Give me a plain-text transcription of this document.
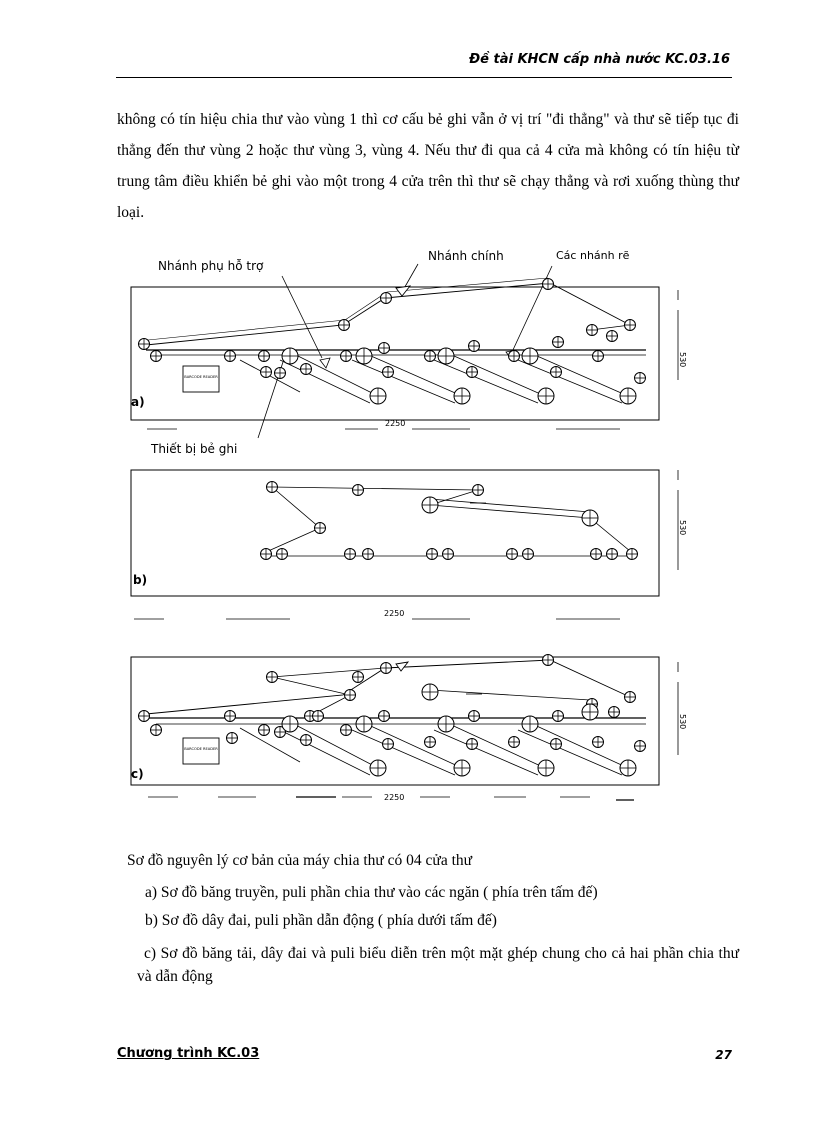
Đề tài KHCN cấp nhà nước KC.03.16

không có tín hiệu chia thư vào vùng 1 thì cơ cấu bẻ ghi vẫn ở vị trí "đi thẳng" và thư sẽ tiếp tục đi thẳng đến thư vùng 2 hoặc thư vùng 3, vùng 4. Nếu thư đi qua cả 4 cửa mà không có tín hiệu từ trung tâm điều khiển bẻ ghi vào một trong 4 cửa trên thì thư sẽ chạy thẳng và rơi xuống thùng thư loại.

Nhánh phụ hỗ trợ
Nhánh chính	Các nhánh rẽ
530
BARCODE READER
a)
2250
Thiết bị bẻ ghi
530
b)
2250
530
BARCODE READER
c)
2250
Sơ đồ nguyên lý cơ bản của máy chia thư có 04 cửa thư
a) Sơ đồ băng truyền, puli phần chia thư vào các ngăn ( phía trên tấm đế)
b) Sơ đồ dây đai, puli phần dẫn động ( phía dưới tấm đế)
c) Sơ đồ băng tải, dây đai và puli biểu diễn trên một mặt ghép chung cho cả hai phần chia thư và dẫn động
Chương trình KC.03	27
